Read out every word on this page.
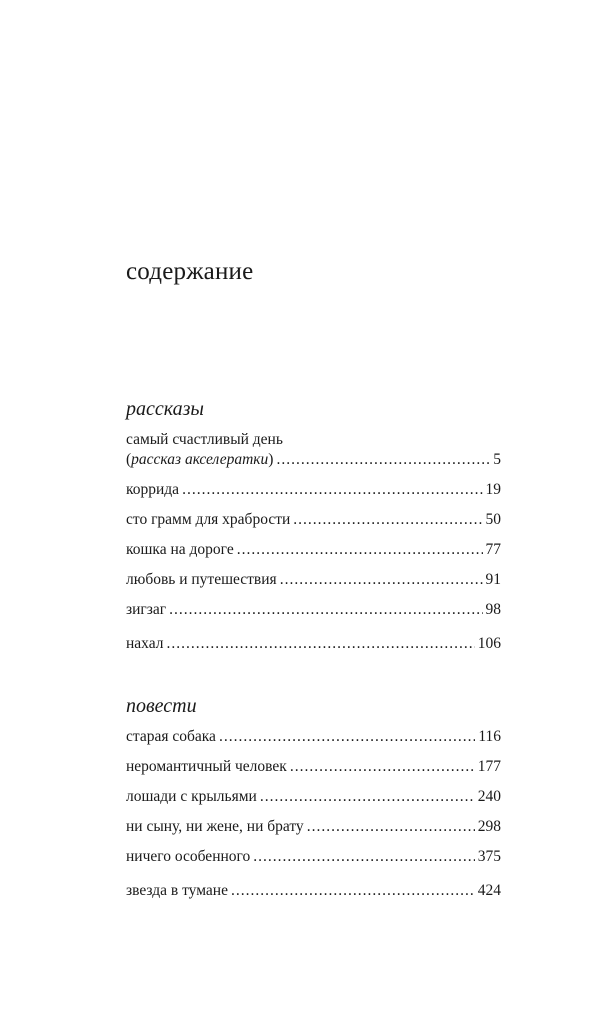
содержание
рассказы
самый счастливый день
(рассказ акселератки) .....	5
коррида .....	19
сто грамм для храбрости .....	50
кошка на дороге .....	77
любовь и путешествия .....	91
зигзаг .....	98
нахал .....	106
повести
старая собака .....	116
неромантичный человек .....	177
лошади с крыльями .....	240
ни сыну, ни жене, ни брату .....	298
ничего особенного .....	375
звезда в тумане .....	424
